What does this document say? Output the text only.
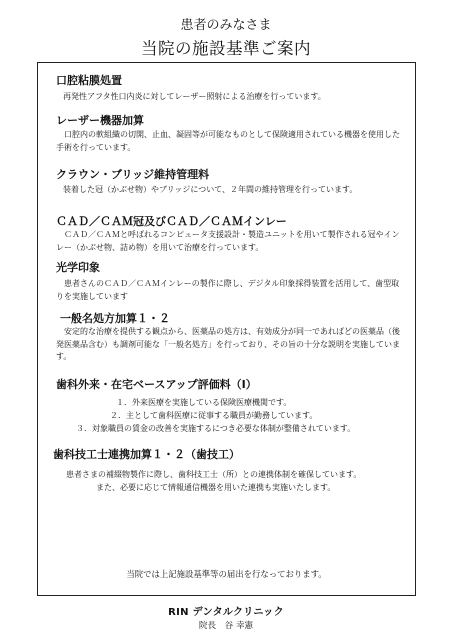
患者のみなさま
当院の施設基準ご案内
口腔粘膜処置
再発性アフタ性口内炎に対してレーザー照射による治療を行っています。
レーザー機器加算
口腔内の軟組織の切開、止血、凝固等が可能なものとして保険適用されている機器を使用した手術を行っています。
クラウン・ブリッジ維持管理料
装着した冠（かぶせ物）やブリッジについて、２年間の維持管理を行っています。
ＣＡＤ／ＣＡＭ冠及びＣＡＤ／ＣＡＭインレー
ＣＡＤ／ＣＡＭと呼ばれるコンピュータ支援設計・製造ユニットを用いて製作される冠やインレー（かぶせ物、詰め物）を用いて治療を行っています。
光学印象
患者さんのＣＡＤ／ＣＡＭインレーの製作に際し、デジタル印象採得装置を活用して、歯型取りを実施しています
一般名処方加算１・２
安定的な治療を提供する観点から、医薬品の処方は、有効成分が同一であればどの医薬品（後発医薬品含む）も調剤可能な「一般名処方」を行っており、その旨の十分な説明を実施しています。
歯科外来・在宅ベースアップ評価料（Ⅰ）
１．外来医療を実施している保険医療機関です。
２．主として歯科医療に従事する職員が勤務しています。
３．対象職員の賃金の改善を実施するにつき必要な体制が整備されています。
歯科技工士連携加算１・２（歯技工）
患者さまの補綴物製作に際し、歯科技工士（所）との連携体制を確保しています。
また、必要に応じて情報通信機器を用いた連携も実施いたします。
当院では上記施設基準等の届出を行なっております。
RIN デンタルクリニック
院長　谷 幸憲
